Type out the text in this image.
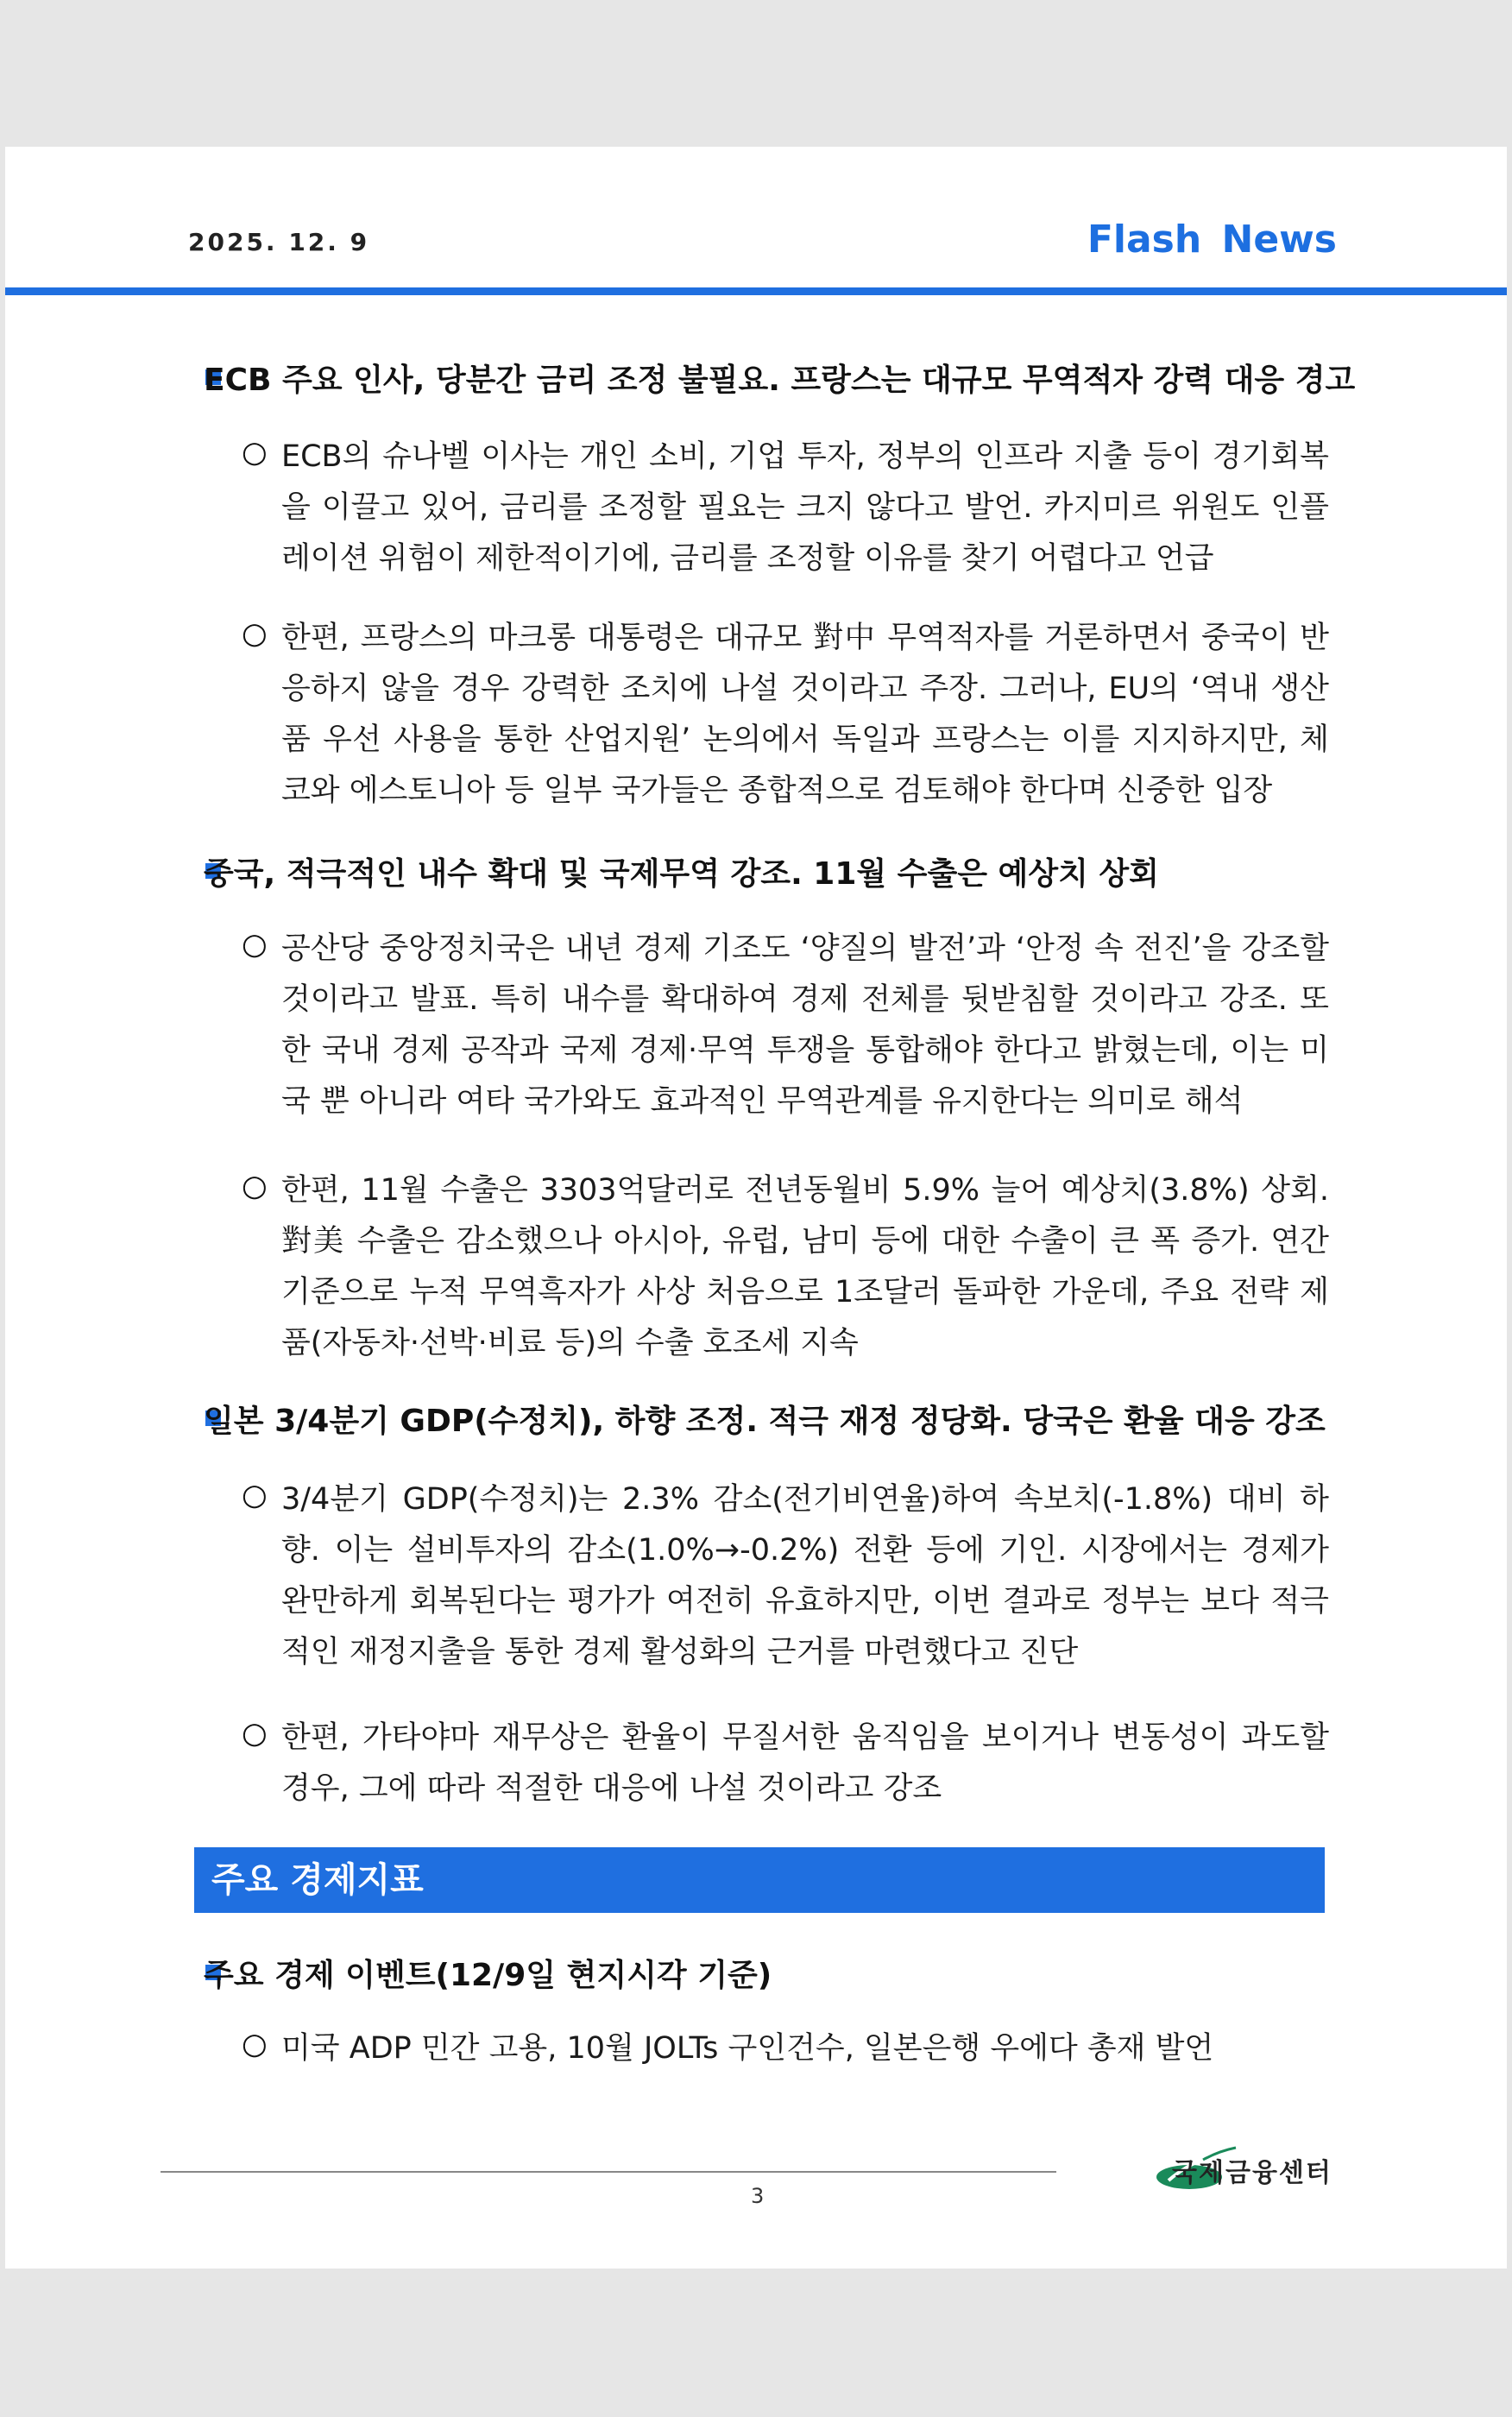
2025. 12. 9	Flash News
ECB 주요 인사, 당분간 금리 조정 불필요. 프랑스는 대규모 무역적자 강력 대응 경고
○ ECB의 슈나벨 이사는 개인 소비, 기업 투자, 정부의 인프라 지출 등이 경기회복을 이끌고 있어, 금리를 조정할 필요는 크지 않다고 발언. 카지미르 위원도 인플레이션 위험이 제한적이기에, 금리를 조정할 이유를 찾기 어렵다고 언급
○ 한편, 프랑스의 마크롱 대통령은 대규모 對中 무역적자를 거론하면서 중국이 반응하지 않을 경우 강력한 조치에 나설 것이라고 주장. 그러나, EU의 ‘역내 생산품 우선 사용을 통한 산업지원’ 논의에서 독일과 프랑스는 이를 지지하지만, 체코와 에스토니아 등 일부 국가들은 종합적으로 검토해야 한다며 신중한 입장
중국, 적극적인 내수 확대 및 국제무역 강조. 11월 수출은 예상치 상회
○ 공산당 중앙정치국은 내년 경제 기조도 ‘양질의 발전’과 ‘안정 속 전진’을 강조할 것이라고 발표. 특히 내수를 확대하여 경제 전체를 뒷받침할 것이라고 강조. 또한 국내 경제 공작과 국제 경제·무역 투쟁을 통합해야 한다고 밝혔는데, 이는 미국 뿐 아니라 여타 국가와도 효과적인 무역관계를 유지한다는 의미로 해석
○ 한편, 11월 수출은 3303억달러로 전년동월비 5.9% 늘어 예상치(3.8%) 상회. 對美 수출은 감소했으나 아시아, 유럽, 남미 등에 대한 수출이 큰 폭 증가. 연간 기준으로 누적 무역흑자가 사상 처음으로 1조달러 돌파한 가운데, 주요 전략 제품(자동차·선박·비료 등)의 수출 호조세 지속
일본 3/4분기 GDP(수정치), 하향 조정. 적극 재정 정당화. 당국은 환율 대응 강조
○ 3/4분기 GDP(수정치)는 2.3% 감소(전기비연율)하여 속보치(-1.8%) 대비 하향. 이는 설비투자의 감소(1.0%→-0.2%) 전환 등에 기인. 시장에서는 경제가 완만하게 회복된다는 평가가 여전히 유효하지만, 이번 결과로 정부는 보다 적극적인 재정지출을 통한 경제 활성화의 근거를 마련했다고 진단
○ 한편, 가타야마 재무상은 환율이 무질서한 움직임을 보이거나 변동성이 과도할 경우, 그에 따라 적절한 대응에 나설 것이라고 강조
주요 경제지표
주요 경제 이벤트(12/9일 현지시각 기준)
○ 미국 ADP 민간 고용, 10월 JOLTs 구인건수, 일본은행 우에다 총재 발언
국제금융센터
3
